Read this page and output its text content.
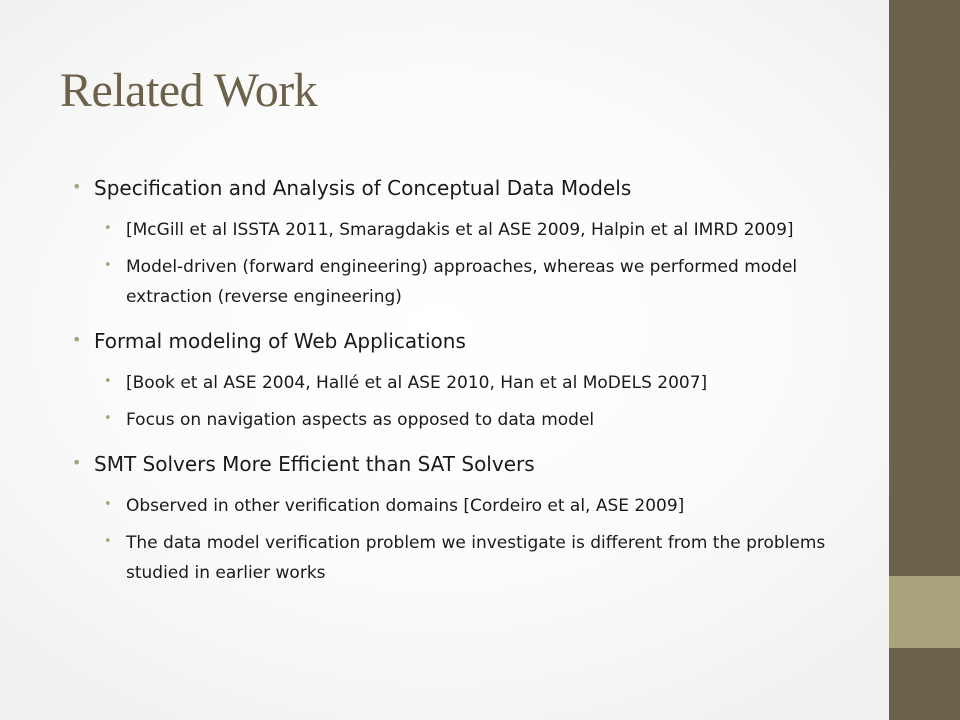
Related Work
• Specification and Analysis of Conceptual Data Models
• [McGill et al ISSTA 2011, Smaragdakis et al ASE 2009, Halpin et al IMRD 2009]
• Model-driven (forward engineering) approaches, whereas we performed model extraction (reverse engineering)
• Formal modeling of Web Applications
• [Book et al ASE 2004, Hallé et al ASE 2010, Han et al MoDELS 2007]
• Focus on navigation aspects as opposed to data model
• SMT Solvers More Efficient than SAT Solvers
• Observed in other verification domains [Cordeiro et al, ASE 2009]
• The data model verification problem we investigate is different from the problems studied in earlier works
